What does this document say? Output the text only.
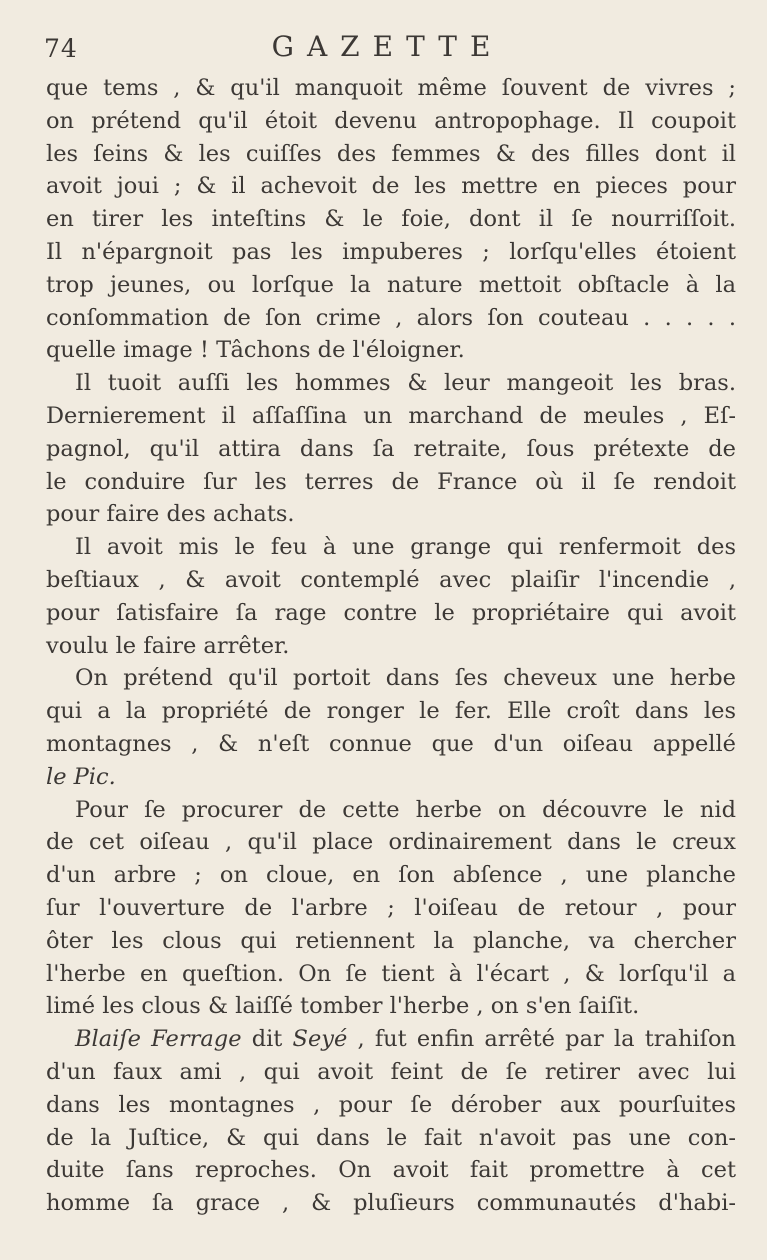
74	GAZETTE
que tems , & qu'il manquoit même ſouvent de vivres ;
on prétend qu'il étoit devenu antropophage. Il coupoit
les ſeins & les cuiſſes des femmes & des filles dont il
avoit joui ; & il achevoit de les mettre en pieces pour
en tirer les inteſtins & le foie, dont il ſe nourriſſoit.
Il n'épargnoit pas les impuberes ; lorſqu'elles étoient
trop jeunes, ou lorſque la nature mettoit obſtacle à la
conſommation de ſon crime , alors ſon couteau . . . . .
quelle image ! Tâchons de l'éloigner.
Il tuoit auſſi les hommes & leur mangeoit les bras.
Dernierement il aſſaſſina un marchand de meules , Eſ-
pagnol, qu'il attira dans ſa retraite, ſous prétexte de
le conduire ſur les terres de France où il ſe rendoit
pour faire des achats.
Il avoit mis le feu à une grange qui renfermoit des
beſtiaux , & avoit contemplé avec plaiſir l'incendie ,
pour ſatisfaire ſa rage contre le propriétaire qui avoit
voulu le faire arrêter.
On prétend qu'il portoit dans ſes cheveux une herbe
qui a la propriété de ronger le fer. Elle croît dans les
montagnes , & n'eſt connue que d'un oiſeau appellé
le Pic.
Pour ſe procurer de cette herbe on découvre le nid
de cet oiſeau , qu'il place ordinairement dans le creux
d'un arbre ; on cloue, en ſon abſence , une planche
ſur l'ouverture de l'arbre ; l'oiſeau de retour , pour
ôter les clous qui retiennent la planche, va chercher
l'herbe en queſtion. On ſe tient à l'écart , & lorſqu'il a
limé les clous & laiſſé tomber l'herbe , on s'en ſaiſit.
Blaiſe Ferrage dit Seyé , fut enfin arrêté par la trahiſon
d'un faux ami , qui avoit feint de ſe retirer avec lui
dans les montagnes , pour ſe dérober aux pourſuites
de la Juſtice, & qui dans le fait n'avoit pas une con-
duite ſans reproches. On avoit fait promettre à cet
homme ſa grace , & pluſieurs communautés d'habi-
